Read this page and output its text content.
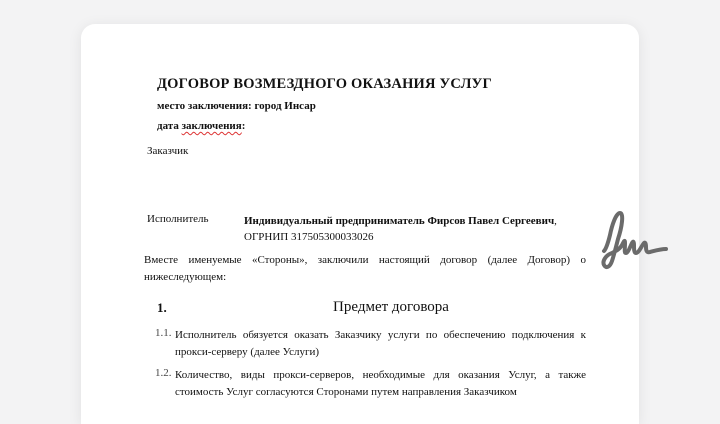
ДОГОВОР ВОЗМЕЗДНОГО ОКАЗАНИЯ УСЛУГ
место заключения: город Инсар
дата заключения:
Заказчик
Исполнитель	Индивидуальный предприниматель Фирсов Павел Сергеевич,
ОГРНИП 317505300033026
Вместе именуемые «Стороны», заключили настоящий договор (далее Договор) о нижеследующем:
1.	Предмет договора
1.1. Исполнитель обязуется оказать Заказчику услуги по обеспечению подключения к прокси-серверу (далее Услуги)
1.2. Количество, виды прокси-серверов, необходимые для оказания Услуг, а также стоимость Услуг согласуются Сторонами путем направления Заказчиком
